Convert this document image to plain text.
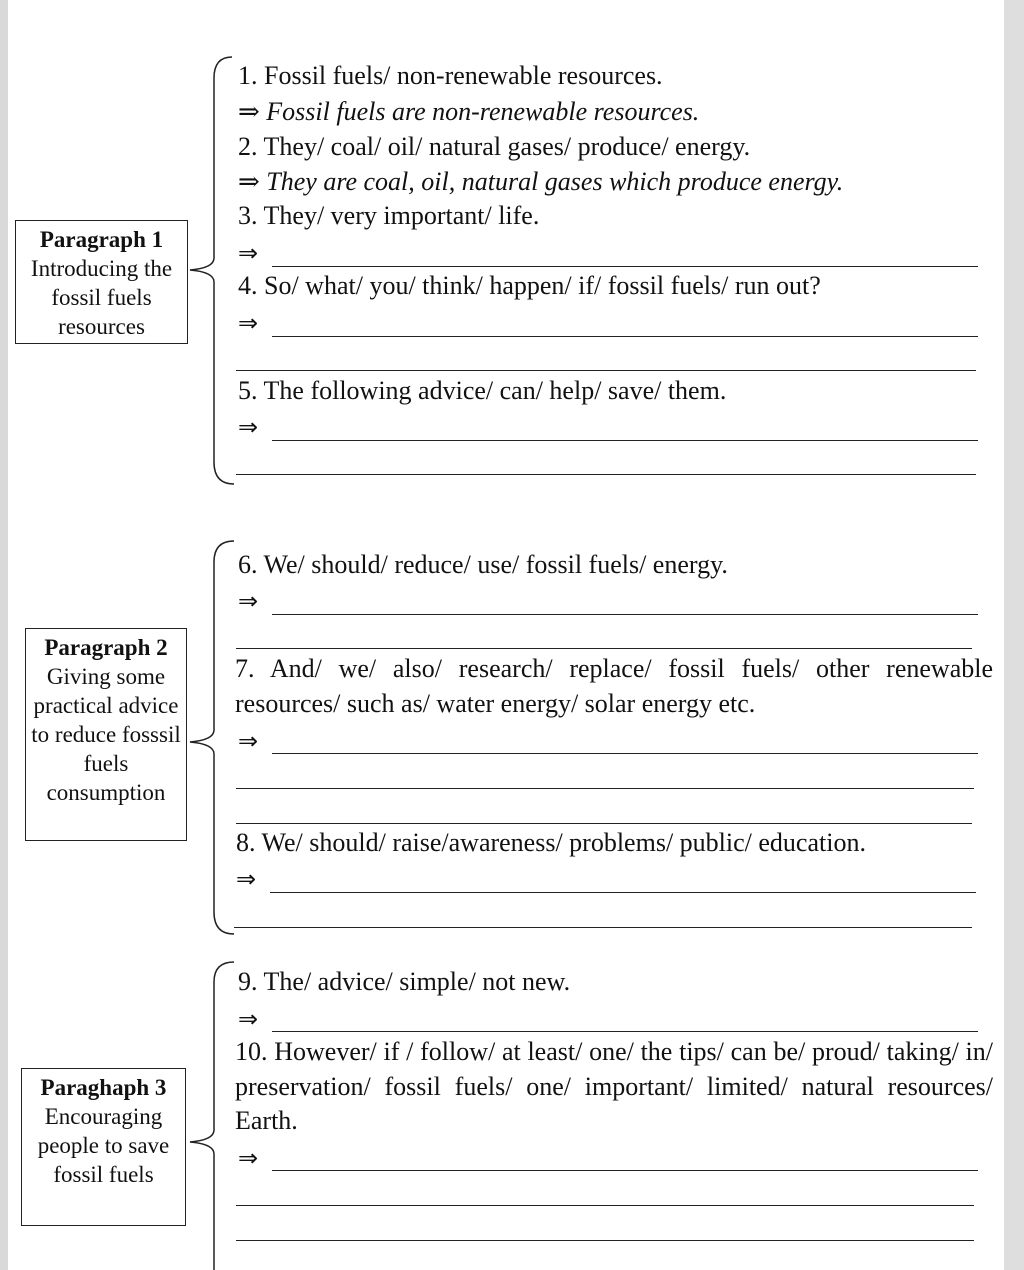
Paragraph 1
Introducing the fossil fuels resources
Paragraph 2
Giving some practical advice to reduce fosssil fuels consumption
Paraghaph 3
Encouraging people to save fossil fuels
1. Fossil fuels/ non-renewable resources.
⇒ Fossil fuels are non-renewable resources.
2. They/ coal/ oil/ natural gases/ produce/ energy.
⇒ They are coal, oil, natural gases which produce energy.
3. They/ very important/ life.
⇒
4. So/ what/ you/ think/ happen/ if/ fossil fuels/ run out?
⇒
5. The following advice/ can/ help/ save/ them.
⇒
6. We/ should/ reduce/ use/ fossil fuels/ energy.
⇒
7. And/ we/ also/ research/ replace/ fossil fuels/ other renewable resources/ such as/ water energy/ solar energy etc.
⇒
8. We/ should/ raise/awareness/ problems/ public/ education.
⇒
9. The/ advice/ simple/ not new.
⇒
10. However/ if / follow/ at least/ one/ the tips/ can be/ proud/ taking/ in/ preservation/ fossil fuels/ one/ important/ limited/ natural resources/ Earth.
⇒
